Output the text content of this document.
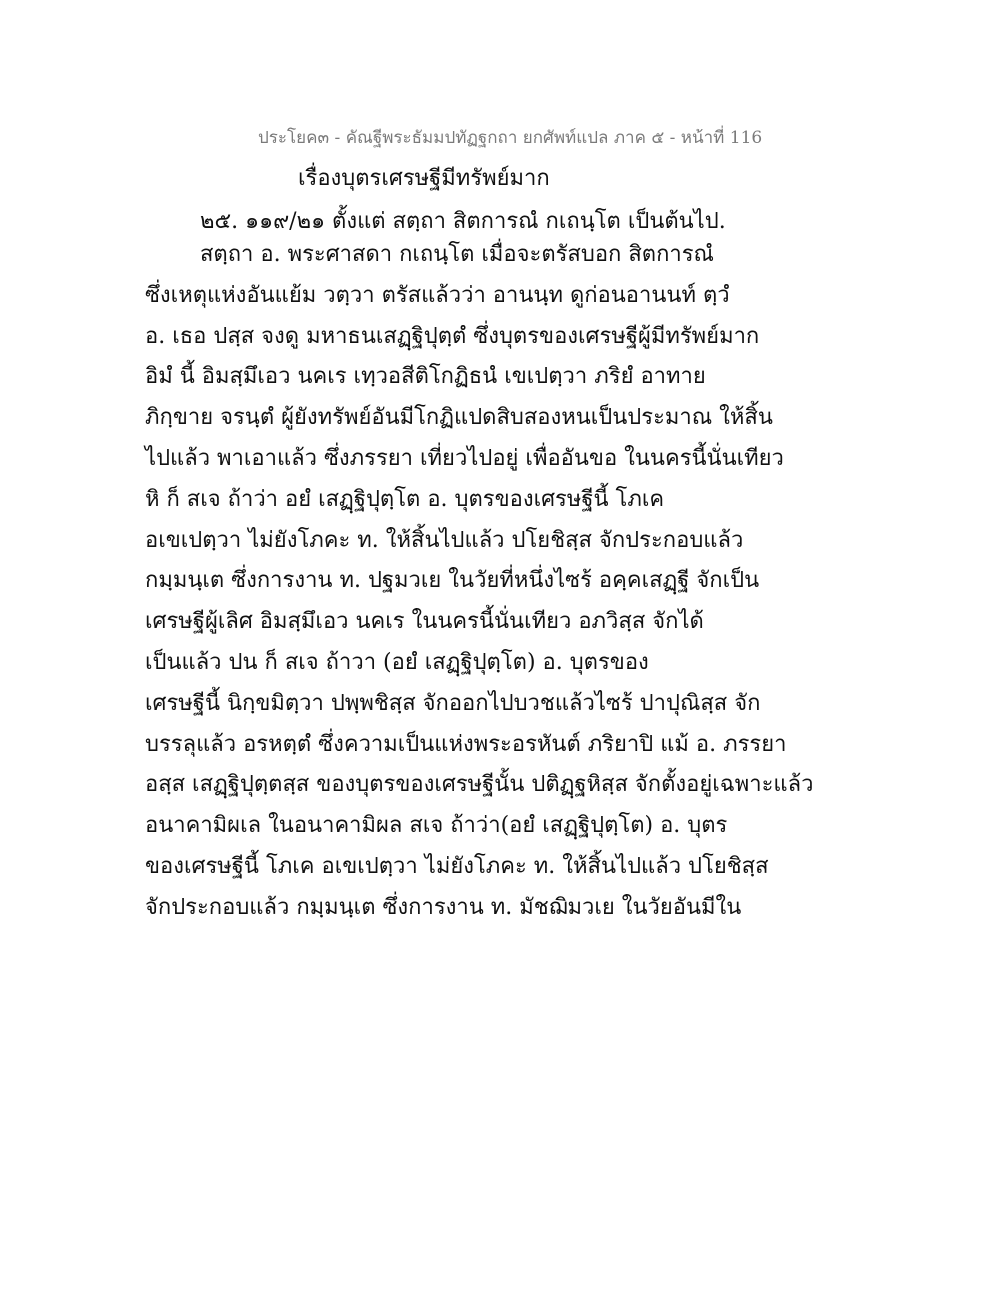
ประโยค๓ - คัณฐีพระธัมมปทัฏฐกถา ยกศัพท์แปล ภาค ๕ - หน้าที่ 116
เรื่องบุตรเศรษฐีมีทรัพย์มาก
๒๕. ๑๑๙/๒๑ ตั้งแต่ สตฺถา สิตการณํ กเถนฺโต เป็นต้นไป.
สตฺถา อ. พระศาสดา กเถนฺโต เมื่อจะตรัสบอก สิตการณํ
ซึ่งเหตุแห่งอันแย้ม วตฺวา ตรัสแล้วว่า อานนฺท ดูก่อนอานนท์ ตฺวํ
อ. เธอ ปสฺส จงดู มหาธนเสฏฺฐิปุตฺตํ ซึ่งบุตรของเศรษฐีผู้มีทรัพย์มาก
อิมํ นี้ อิมสฺมึเอว นคเร เทฺวอสีติโกฏิธนํ เขเปตฺวา ภริยํ อาทาย
ภิกฺขาย จรนฺตํ ผู้ยังทรัพย์อันมีโกฏิแปดสิบสองหนเป็นประมาณ ให้สิ้น
ไปแล้ว พาเอาแล้ว ซึ่งภรรยา เที่ยวไปอยู่ เพื่ออันขอ ในนครนี้นั่นเทียว
หิ ก็ สเจ ถ้าว่า อยํ เสฏฺฐิปุตฺโต อ. บุตรของเศรษฐีนี้ โภเค
อเขเปตฺวา ไม่ยังโภคะ ท. ให้สิ้นไปแล้ว ปโยชิสฺส จักประกอบแล้ว
กมฺมนฺเต ซึ่งการงาน ท. ปฐมวเย ในวัยที่หนึ่งไซร้ อคฺคเสฏฺฐี จักเป็น
เศรษฐีผู้เลิศ อิมสฺมึเอว นคเร ในนครนี้นั่นเทียว อภวิสฺส จักได้
เป็นแล้ว ปน ก็ สเจ ถ้าวา (อยํ เสฏฺฐิปุตฺโต) อ. บุตรของ
เศรษฐีนี้ นิกฺขมิตฺวา ปพฺพชิสฺส จักออกไปบวชแล้วไซร้ ปาปุณิสฺส จัก
บรรลุแล้ว อรหตฺตํ ซึ่งความเป็นแห่งพระอรหันต์ ภริยาปิ แม้ อ. ภรรยา
อสฺส เสฏฺฐิปุตฺตสฺส ของบุตรของเศรษฐีนั้น ปติฏฺฐหิสฺส จักตั้งอยู่เฉพาะแล้ว
อนาคามิผเล ในอนาคามิผล สเจ ถ้าว่า(อยํ เสฏฺฐิปุตฺโต) อ. บุตร
ของเศรษฐีนี้ โภเค อเขเปตฺวา ไม่ยังโภคะ ท. ให้สิ้นไปแล้ว ปโยชิสฺส
จักประกอบแล้ว กมฺมนฺเต ซึ่งการงาน ท. มัชฌิมวเย ในวัยอันมีใน
